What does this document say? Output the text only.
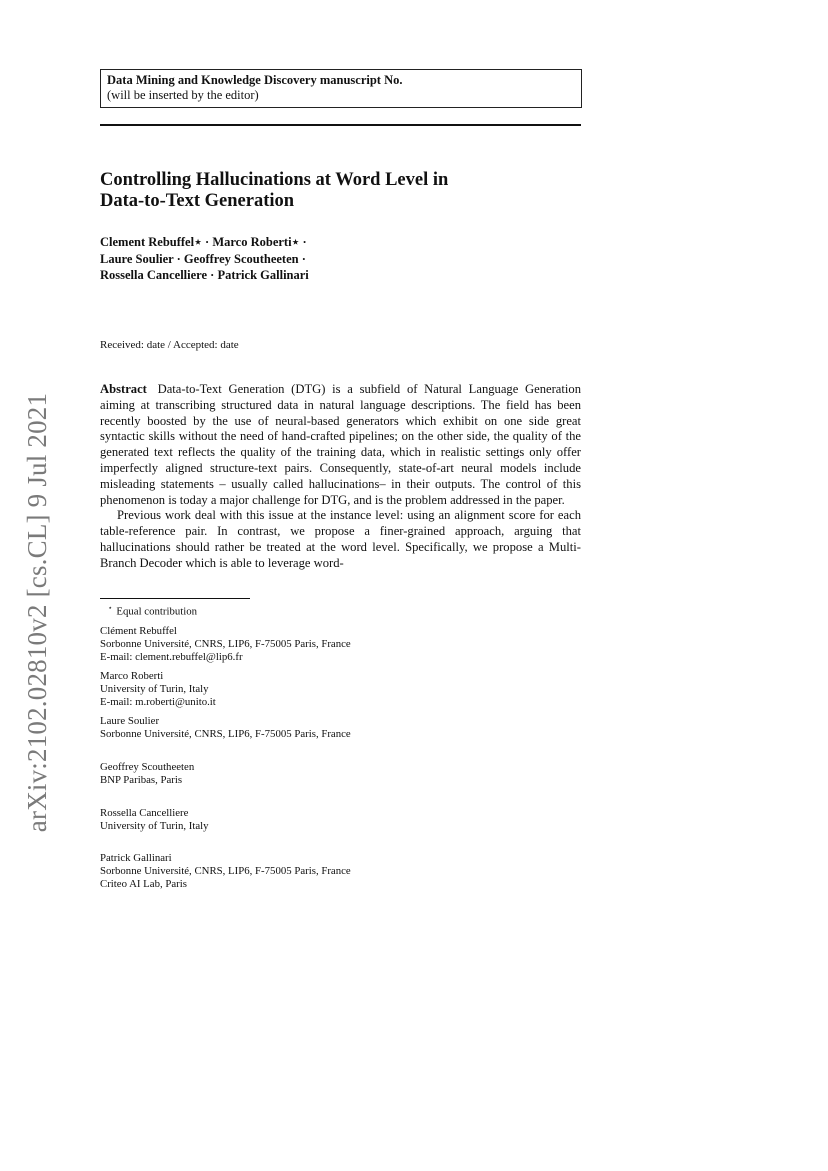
arXiv:2102.02810v2 [cs.CL] 9 Jul 2021
Data Mining and Knowledge Discovery manuscript No.
(will be inserted by the editor)
Controlling Hallucinations at Word Level in
Data-to-Text Generation
Clement Rebuffel⋆ · Marco Roberti⋆ ·
Laure Soulier · Geoffrey Scoutheeten ·
Rossella Cancelliere · Patrick Gallinari
Received: date / Accepted: date

Abstract Data-to-Text Generation (DTG) is a subfield of Natural Language Generation aiming at transcribing structured data in natural language descriptions. The field has been recently boosted by the use of neural-based generators which exhibit on one side great syntactic skills without the need of hand-crafted pipelines; on the other side, the quality of the generated text reflects the quality of the training data, which in realistic settings only offer imperfectly aligned structure-text pairs. Consequently, state-of-art neural models include misleading statements – usually called hallucinations– in their outputs. The control of this phenomenon is today a major challenge for DTG, and is the problem addressed in the paper.

Previous work deal with this issue at the instance level: using an alignment score for each table-reference pair. In contrast, we propose a finer-grained approach, arguing that hallucinations should rather be treated at the word level. Specifically, we propose a Multi-Branch Decoder which is able to leverage word-

⋆ Equal contribution
Clément Rebuffel
Sorbonne Université, CNRS, LIP6, F-75005 Paris, France
E-mail: clement.rebuffel@lip6.fr
Marco Roberti
University of Turin, Italy
E-mail: m.roberti@unito.it
Laure Soulier
Sorbonne Université, CNRS, LIP6, F-75005 Paris, France
Geoffrey Scoutheeten
BNP Paribas, Paris
Rossella Cancelliere
University of Turin, Italy
Patrick Gallinari
Sorbonne Université, CNRS, LIP6, F-75005 Paris, France
Criteo AI Lab, Paris
